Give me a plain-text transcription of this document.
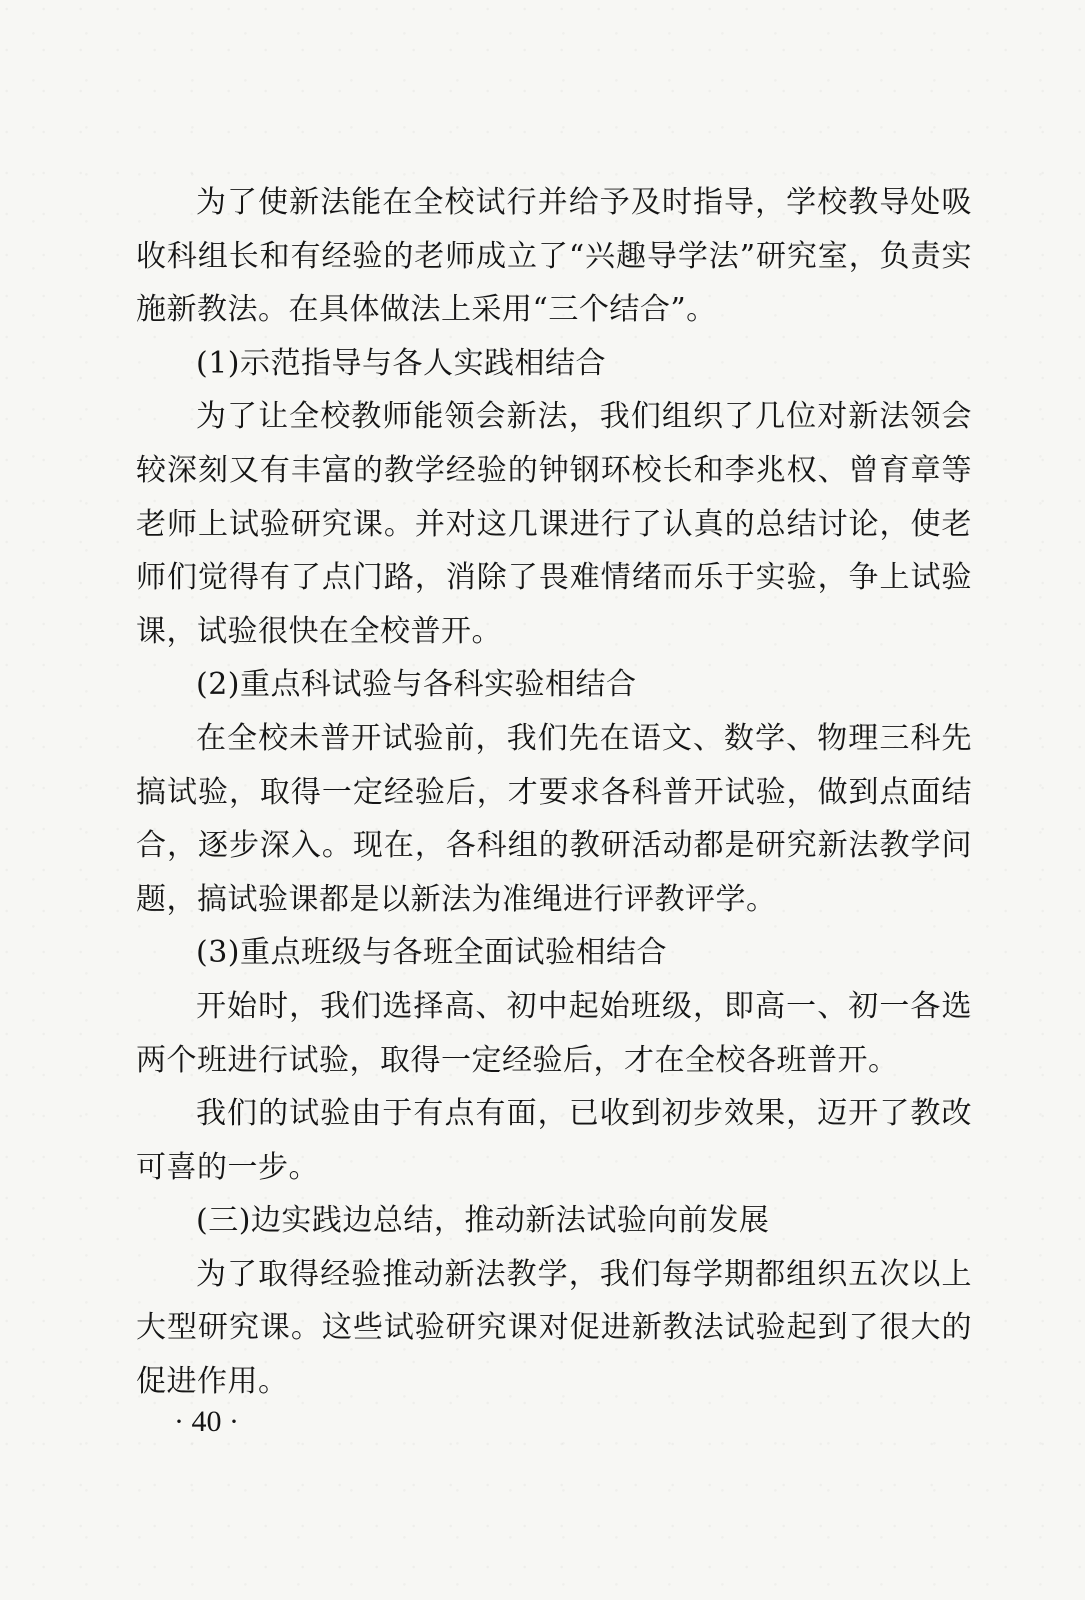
为了使新法能在全校试行并给予及时指导，学校教导处吸收科组长和有经验的老师成立了“兴趣导学法”研究室，负责实施新教法。在具体做法上采用“三个结合”。

(1)示范指导与各人实践相结合

为了让全校教师能领会新法，我们组织了几位对新法领会较深刻又有丰富的教学经验的钟钢环校长和李兆权、曾育章等老师上试验研究课。并对这几课进行了认真的总结讨论，使老师们觉得有了点门路，消除了畏难情绪而乐于实验，争上试验课，试验很快在全校普开。

(2)重点科试验与各科实验相结合

在全校未普开试验前，我们先在语文、数学、物理三科先搞试验，取得一定经验后，才要求各科普开试验，做到点面结合，逐步深入。现在，各科组的教研活动都是研究新法教学问题，搞试验课都是以新法为准绳进行评教评学。

(3)重点班级与各班全面试验相结合

开始时，我们选择高、初中起始班级，即高一、初一各选两个班进行试验，取得一定经验后，才在全校各班普开。

我们的试验由于有点有面，已收到初步效果，迈开了教改可喜的一步。

(三)边实践边总结，推动新法试验向前发展

为了取得经验推动新法教学，我们每学期都组织五次以上大型研究课。这些试验研究课对促进新教法试验起到了很大的促进作用。

· 40 ·
